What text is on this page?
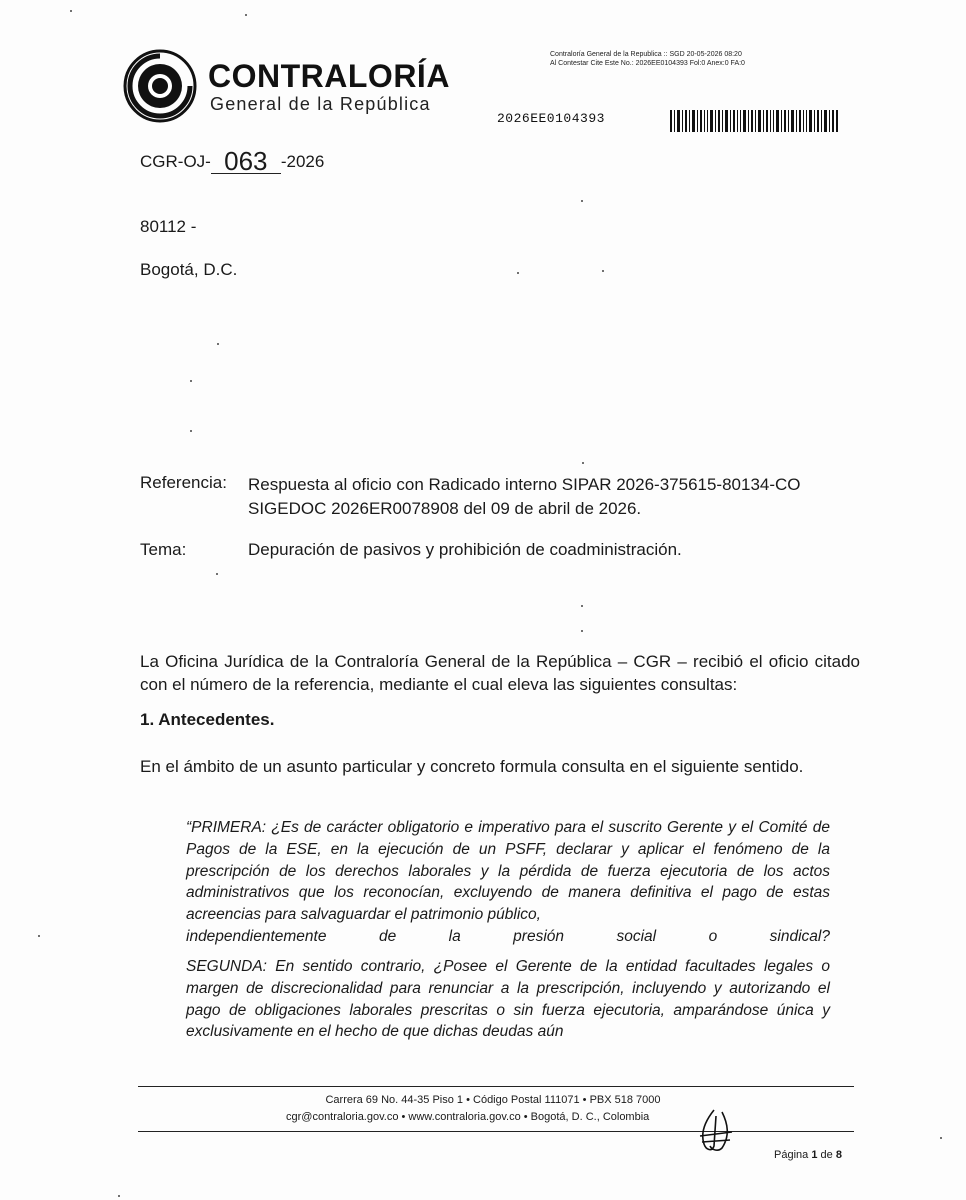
CONTRALORÍA
General de la República
Contraloría General de la Republica :: SGD 20-05-2026 08:20
Al Contestar Cite Este No.: 2026EE0104393 Fol:0 Anex:0 FA:0
2026EE0104393
CGR-OJ- 063 -2026
80112 -
Bogotá, D.C.
Referencia: Respuesta al oficio con Radicado interno SIPAR 2026-375615-80134-CO
SIGEDOC 2026ER0078908 del 09 de abril de 2026.
Tema:	Depuración de pasivos y prohibición de coadministración.
La Oficina Jurídica de la Contraloría General de la República – CGR – recibió el oficio citado con el número de la referencia, mediante el cual eleva las siguientes consultas:
1. Antecedentes.
En el ámbito de un asunto particular y concreto formula consulta en el siguiente sentido.
“PRIMERA: ¿Es de carácter obligatorio e imperativo para el suscrito Gerente y el Comité de Pagos de la ESE, en la ejecución de un PSFF, declarar y aplicar el fenómeno de la prescripción de los derechos laborales y la pérdida de fuerza ejecutoria de los actos administrativos que los reconocían, excluyendo de manera definitiva el pago de estas acreencias para salvaguardar el patrimonio público,
independientemente de la presión social o sindical?
SEGUNDA: En sentido contrario, ¿Posee el Gerente de la entidad facultades legales o margen de discrecionalidad para renunciar a la prescripción, incluyendo y autorizando el pago de obligaciones laborales prescritas o sin fuerza ejecutoria, amparándose única y exclusivamente en el hecho de que dichas deudas aún
Carrera 69 No. 44-35 Piso 1 • Código Postal 111071 • PBX 518 7000
cgr@contraloria.gov.co • www.contraloria.gov.co • Bogotá, D. C., Colombia
Página 1 de 8
